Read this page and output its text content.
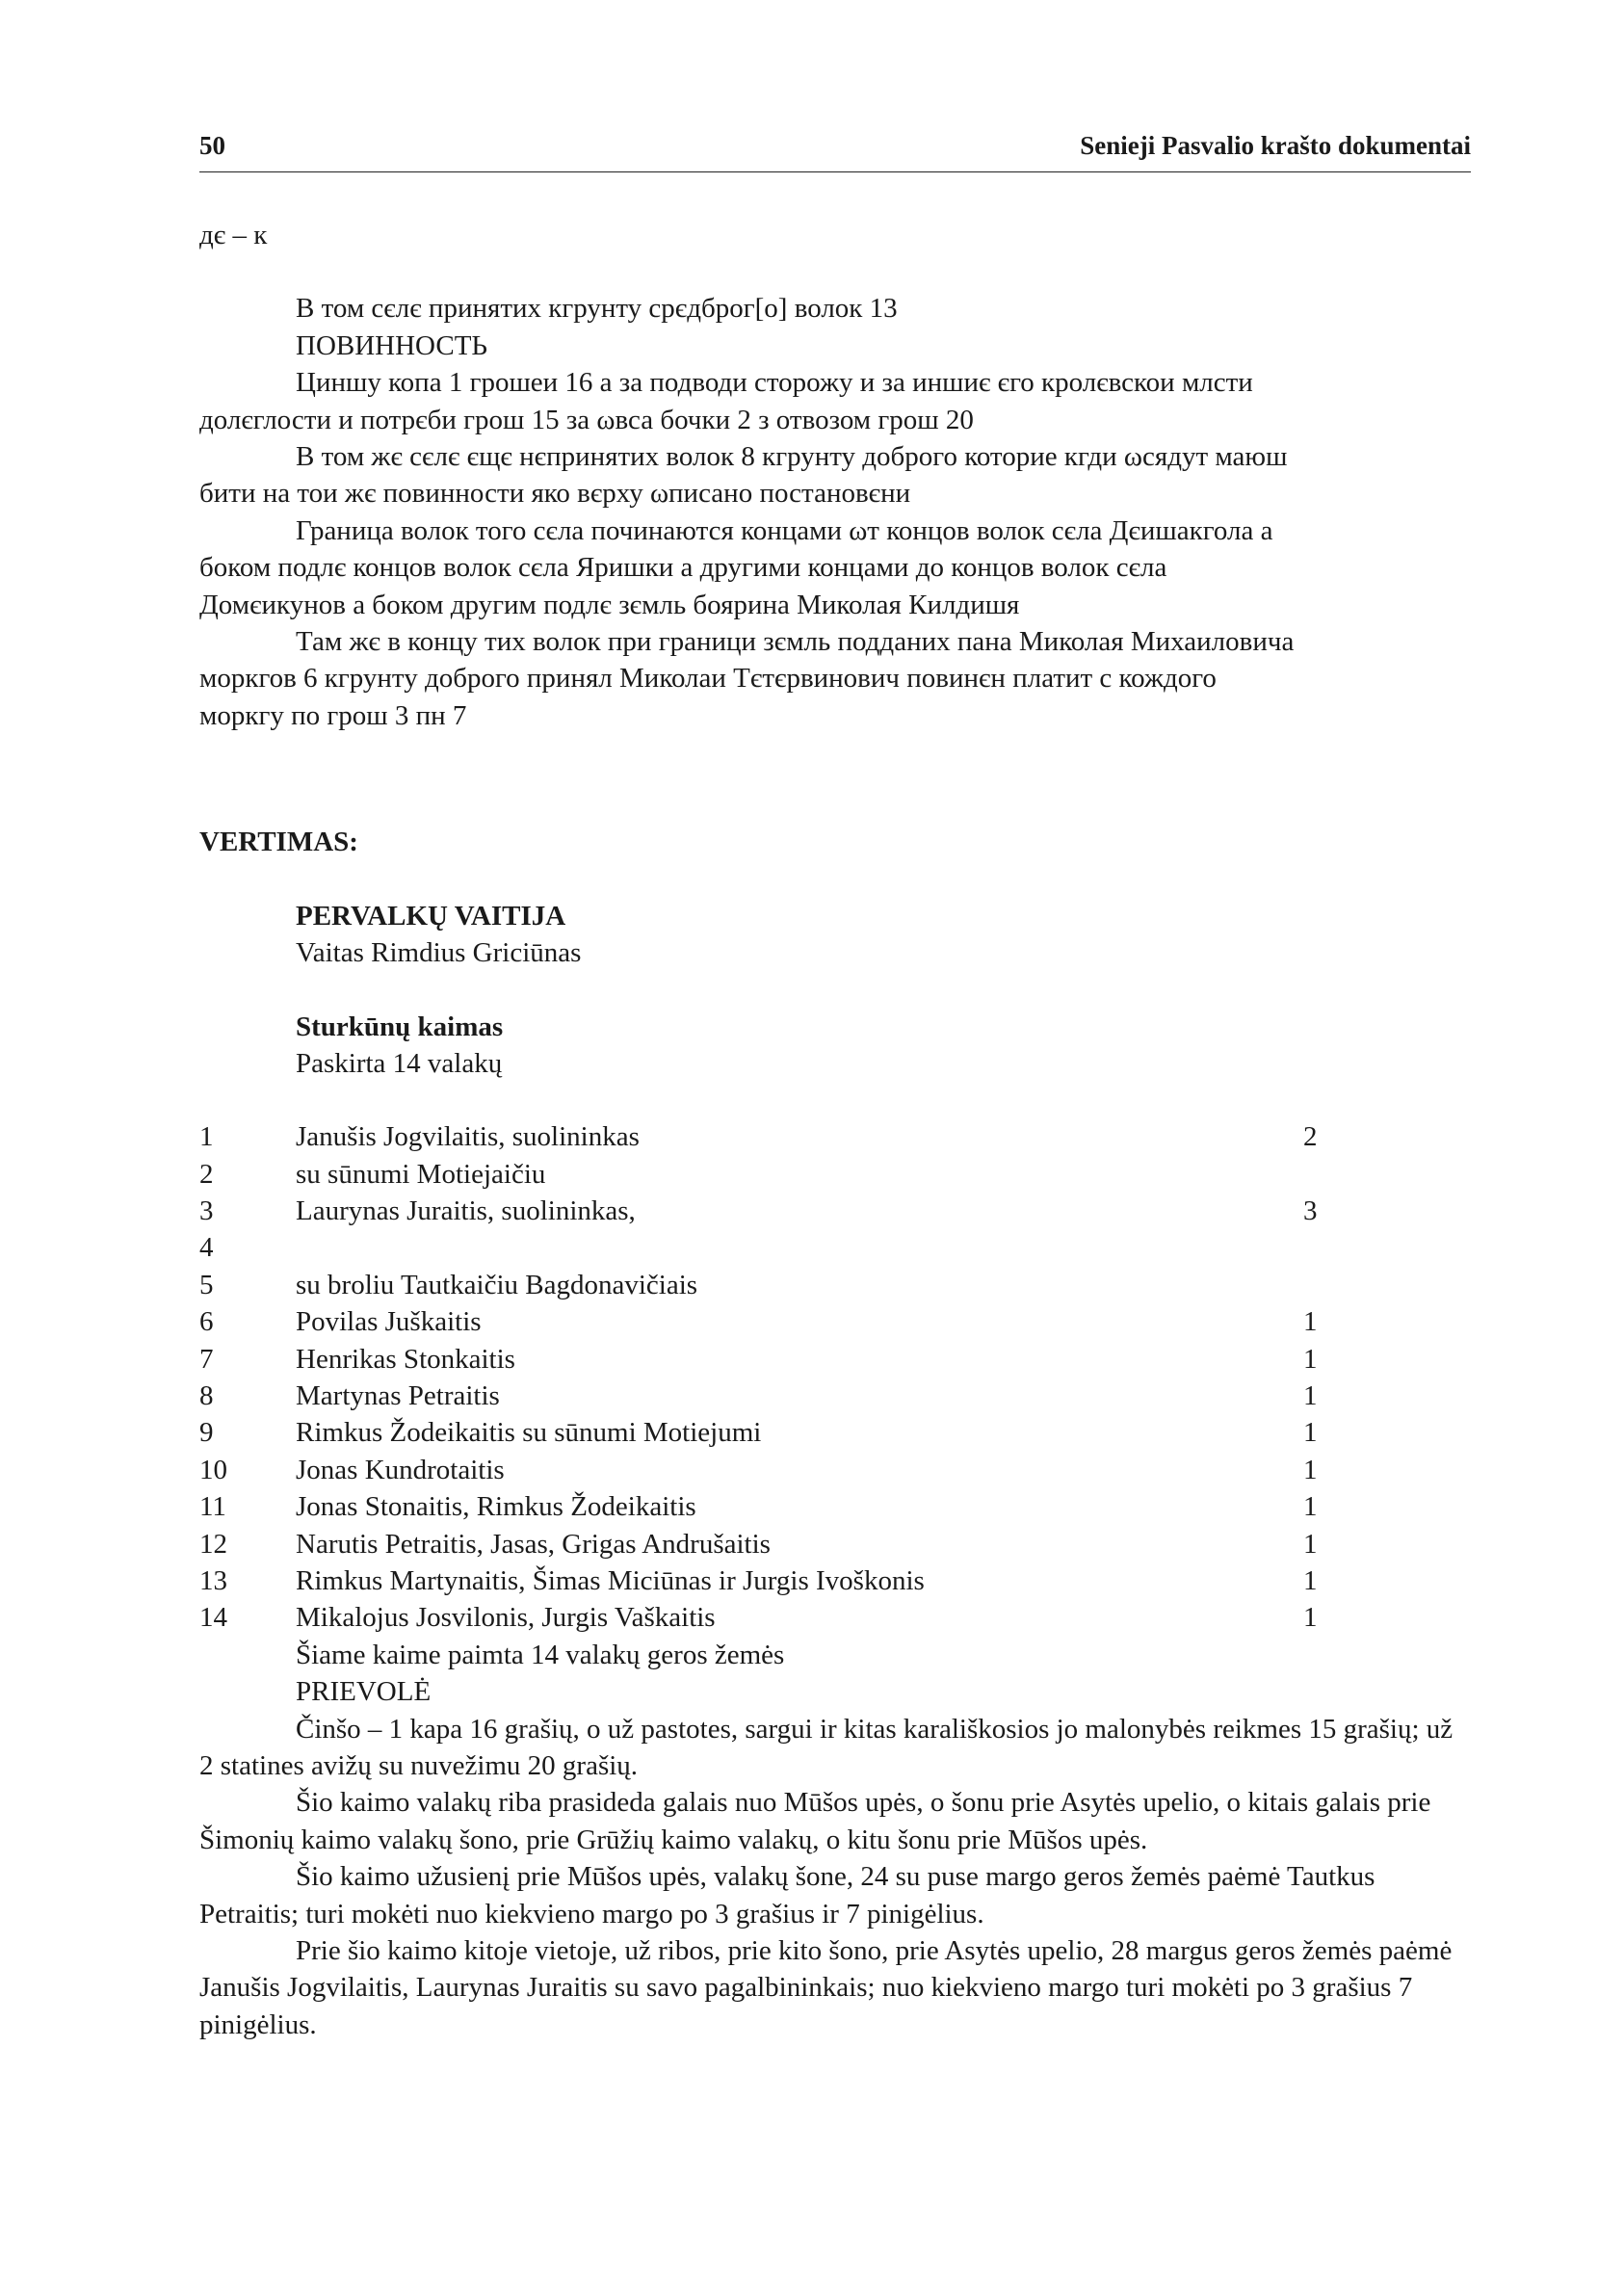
50	Senieji Pasvalio krašto dokumentai
дє – к
В том сєлє принятих кгрунту срєдброг[о] волок 13
ПОВИННОСТЬ
Циншу копа 1 грошеи 16 а за подводи сторожу и за иншиє єго кролєвскои млсти
долєглости и потрєби грош 15 за ωвса бочки 2 з отвозом грош 20
В том жє сєлє єщє нєпринятих волок 8 кгрунту доброго которие кгди ωсядут маюш
бити на тои жє повинности яко вєрху ωписано постановєни
Граница волок того сєла починаются концами ωт концов волок сєла Дєишакгола а
боком подлє концов волок сєла Яришки а другими концами до концов волок сєла
Домєикунов а боком другим подлє зємль боярина Миколая Килдишя
Там жє в концу тих волок при граници зємль подданих пана Миколая Михаиловича
моркгов 6 кгрунту доброго принял Миколаи Тєтєрвинович повинєн платит с кождого
моркгу по грош 3 пн 7
VERTIMAS:
PERVALKŲ VAITIJA
Vaitas Rimdius Griciūnas
Sturkūnų kaimas
Paskirta 14 valakų
1	Janušis Jogvilaitis, suolininkas	2
2	su sūnumi Motiejaičiu
3	Laurynas Juraitis, suolininkas,	3
4
5	su broliu Tautkaičiu Bagdonavičiais
6	Povilas Juškaitis	1
7	Henrikas Stonkaitis	1
8	Martynas Petraitis	1
9	Rimkus Žodeikaitis su sūnumi Motiejumi	1
10 Jonas Kundrotaitis	1
11 Jonas Stonaitis, Rimkus Žodeikaitis	1
12 Narutis Petraitis, Jasas, Grigas Andrušaitis	1
13 Rimkus Martynaitis, Šimas Miciūnas ir Jurgis Ivoškonis	1
14 Mikalojus Josvilonis, Jurgis Vaškaitis	1
Šiame kaime paimta 14 valakų geros žemės
PRIEVOLĖ
Činšo – 1 kapa 16 grašių, o už pastotes, sargui ir kitas karališkosios jo malonybės reikmes 15 grašių; už 2 statines avižų su nuvežimu 20 grašių.
Šio kaimo valakų riba prasideda galais nuo Mūšos upės, o šonu prie Asytės upelio, o kitais galais prie Šimonių kaimo valakų šono, prie Grūžių kaimo valakų, o kitu šonu prie Mūšos upės.
Šio kaimo užusienį prie Mūšos upės, valakų šone, 24 su puse margo geros žemės paėmė Tautkus Petraitis; turi mokėti nuo kiekvieno margo po 3 grašius ir 7 pinigėlius.
Prie šio kaimo kitoje vietoje, už ribos, prie kito šono, prie Asytės upelio, 28 margus geros žemės paėmė Janušis Jogvilaitis, Laurynas Juraitis su savo pagalbininkais; nuo kiekvieno margo turi mokėti po 3 grašius 7 pinigėlius.
